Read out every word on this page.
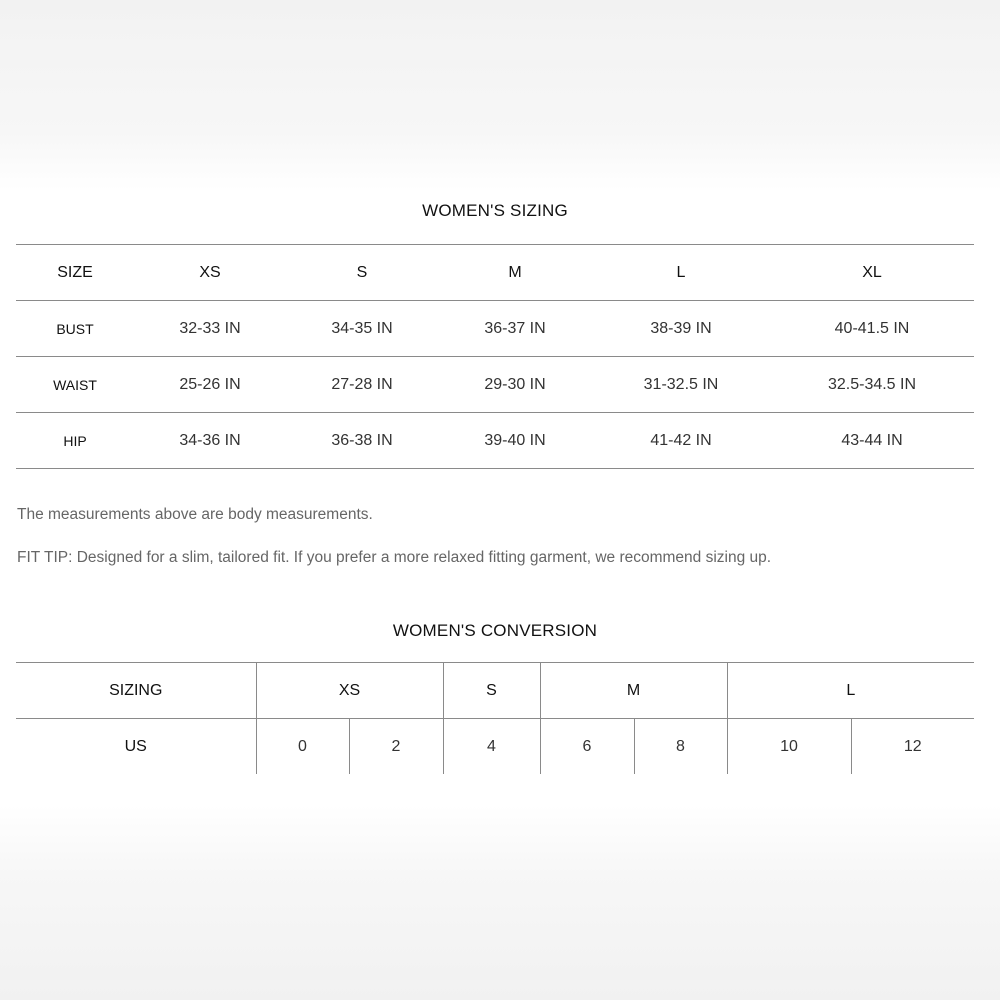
WOMEN'S SIZING
SIZE	XS	S	M	L	XL
BUST	32-33 IN	34-35 IN	36-37 IN	38-39 IN	40-41.5 IN
WAIST	25-26 IN	27-28 IN	29-30 IN	31-32.5 IN	32.5-34.5 IN
HIP	34-36 IN	36-38 IN	39-40 IN	41-42 IN	43-44 IN
The measurements above are body measurements.
FIT TIP: Designed for a slim, tailored fit. If you prefer a more relaxed fitting garment, we recommend sizing up.
WOMEN'S CONVERSION
SIZING	XS		S	M		L	
US	0	2	4	6	8	10	12
